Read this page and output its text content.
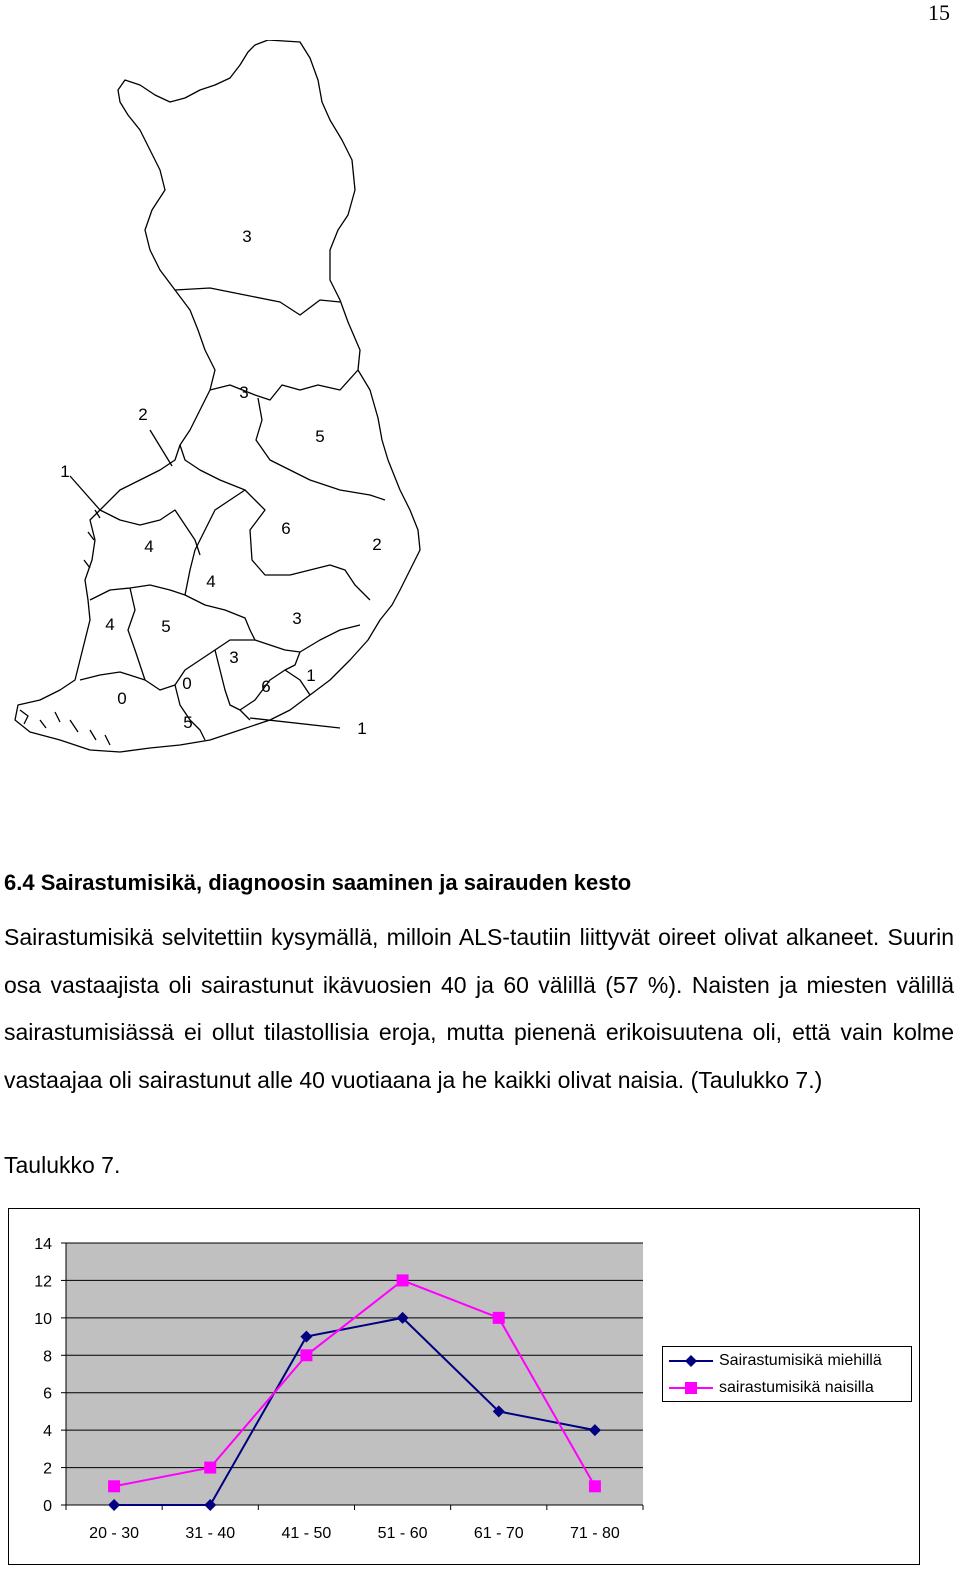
15
3
2
3
5
1
6
2
4
4
4	5	3
3
1
0
0
6
5	1
6.4 Sairastumisikä, diagnoosin saaminen ja sairauden kesto

Sairastumisikä selvitettiin kysymällä, milloin ALS-tautiin liittyvät oireet olivat alkaneet. Suurin osa vastaajista oli sairastunut ikävuosien 40 ja 60 välillä (57 %). Naisten ja miesten välillä sairastumisiässä ei ollut tilastollisia eroja, mutta pienenä erikoisuutena oli, että vain kolme vastaajaa oli sairastunut alle 40 vuotiaana ja he kaikki olivat naisia. (Taulukko 7.)

Taulukko 7.
0
2
4
6
8
10
12
14
20 - 30	31 - 40	41 - 50	51 - 60	61 - 70	71 - 80
Sairastumisikä miehillä
sairastumisikä naisilla
